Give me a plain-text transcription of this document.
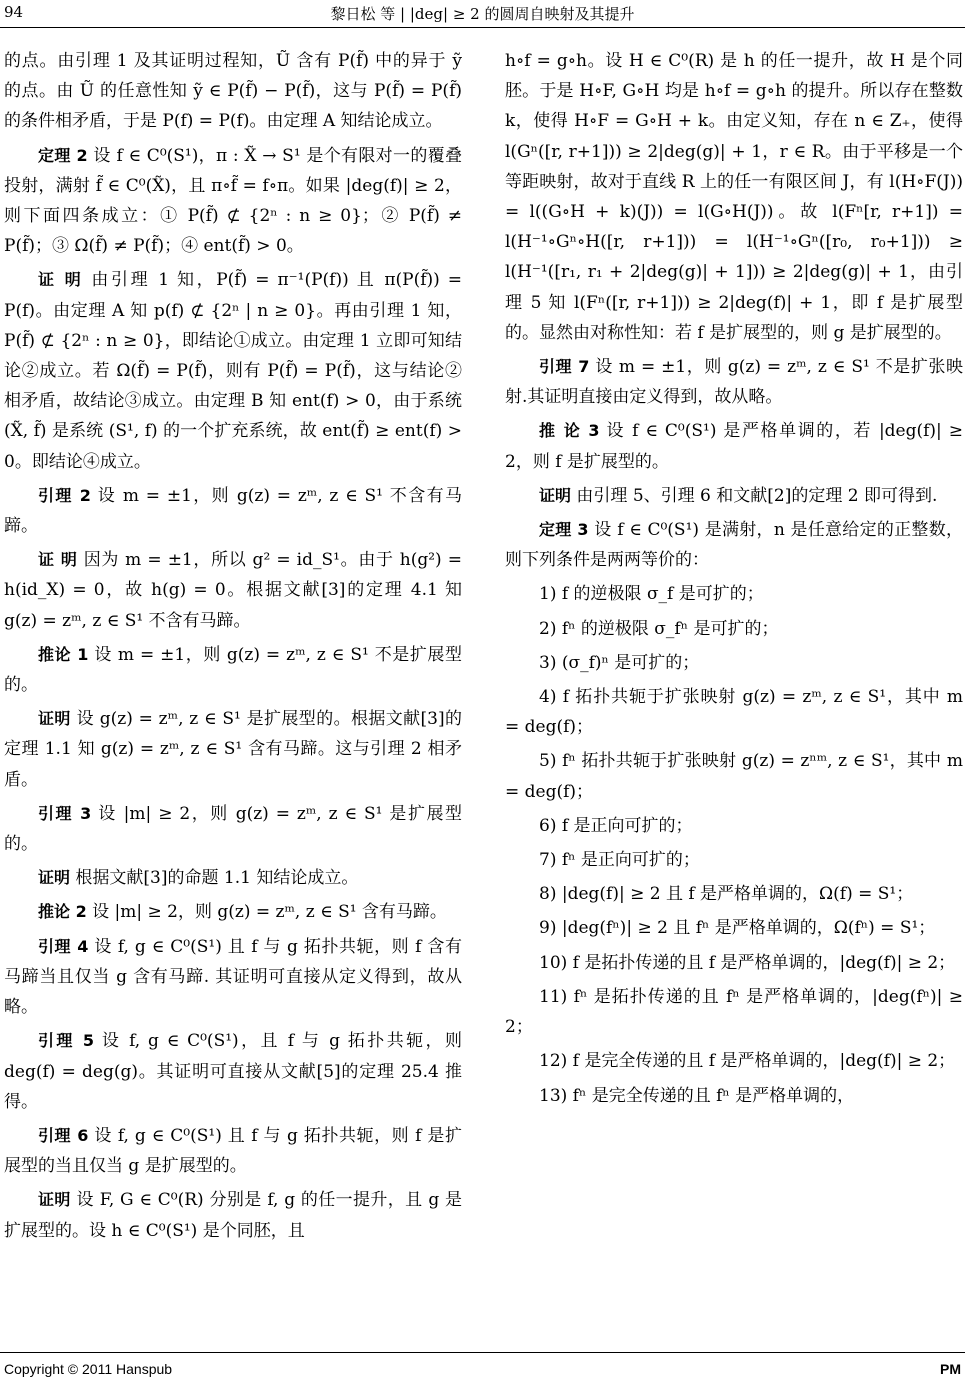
94	黎日松 等 | |deg| ≥ 2 的圆周自映射及其提升

的点。由引理 1 及其证明过程知，Ũ 含有 P(f̃) 中的异于 ỹ 的点。由 Ũ 的任意性知 ỹ ∈ P(f̃) − P(f̃)，这与 P(f̃) = P(f̃) 的条件相矛盾，于是 P(f) = P(f)。由定理 A 知结论成立。

定理 2 设 f ∈ C⁰(S¹)，π : X̃ → S¹ 是个有限对一的覆叠投射，满射 f̃ ∈ C⁰(X̃)，且 π∘f̃ = f∘π。如果 |deg(f)| ≥ 2，则下面四条成立：① P(f̃) ⊄ {2ⁿ : n ≥ 0}；② P(f̃) ≠ P(f̃)；③ Ω(f̃) ≠ P(f̃)；④ ent(f̃) > 0。

证 明 由引理 1 知，P(f̃) = π⁻¹(P(f)) 且 π(P(f̃)) = P(f)。由定理 A 知 p(f) ⊄ {2ⁿ | n ≥ 0}。再由引理 1 知，P(f̃) ⊄ {2ⁿ : n ≥ 0}，即结论①成立。由定理 1 立即可知结论②成立。若 Ω(f̃) = P(f̃)，则有 P(f̃) = P(f̃)，这与结论②相矛盾，故结论③成立。由定理 B 知 ent(f) > 0，由于系统 (X̃, f̃) 是系统 (S¹, f) 的一个扩充系统，故 ent(f̃) ≥ ent(f) > 0。即结论④成立。

引理 2 设 m = ±1，则 g(z) = zᵐ, z ∈ S¹ 不含有马蹄。

证 明 因为 m = ±1，所以 g² = id_S¹。由于 h(g²) = h(id_X) = 0，故 h(g) = 0。根据文献[3]的定理 4.1 知 g(z) = zᵐ, z ∈ S¹ 不含有马蹄。

推论 1 设 m = ±1，则 g(z) = zᵐ, z ∈ S¹ 不是扩展型的。

证明 设 g(z) = zᵐ, z ∈ S¹ 是扩展型的。根据文献[3]的定理 1.1 知 g(z) = zᵐ, z ∈ S¹ 含有马蹄。这与引理 2 相矛盾。

引理 3 设 |m| ≥ 2，则 g(z) = zᵐ, z ∈ S¹ 是扩展型的。

证明 根据文献[3]的命题 1.1 知结论成立。

推论 2 设 |m| ≥ 2，则 g(z) = zᵐ, z ∈ S¹ 含有马蹄。

引理 4 设 f, g ∈ C⁰(S¹) 且 f 与 g 拓扑共轭，则 f 含有马蹄当且仅当 g 含有马蹄. 其证明可直接从定义得到，故从略。

引理 5 设 f, g ∈ C⁰(S¹)，且 f 与 g 拓扑共轭，则 deg(f) = deg(g)。其证明可直接从文献[5]的定理 25.4 推得。

引理 6 设 f, g ∈ C⁰(S¹) 且 f 与 g 拓扑共轭，则 f 是扩展型的当且仅当 g 是扩展型的。

证明 设 F, G ∈ C⁰(R) 分别是 f, g 的任一提升，且 g 是扩展型的。设 h ∈ C⁰(S¹) 是个同胚，且

h∘f = g∘h。设 H ∈ C⁰(R) 是 h 的任一提升，故 H 是个同胚。于是 H∘F, G∘H 均是 h∘f = g∘h 的提升。所以存在整数 k，使得 H∘F = G∘H + k。由定义知，存在 n ∈ Z₊，使得 l(Gⁿ([r, r+1])) ≥ 2|deg(g)| + 1，r ∈ R。由于平移是一个等距映射，故对于直线 R 上的任一有限区间 J，有 l(H∘F(J)) = l((G∘H + k)(J)) = l(G∘H(J))。故 l(Fⁿ[r, r+1]) = l(H⁻¹∘Gⁿ∘H([r, r+1])) = l(H⁻¹∘Gⁿ([r₀, r₀+1])) ≥ l(H⁻¹([r₁, r₁ + 2|deg(g)| + 1])) ≥ 2|deg(g)| + 1，由引理 5 知 l(Fⁿ([r, r+1])) ≥ 2|deg(f)| + 1，即 f 是扩展型的。显然由对称性知：若 f 是扩展型的，则 g 是扩展型的。

引理 7 设 m = ±1，则 g(z) = zᵐ, z ∈ S¹ 不是扩张映射.其证明直接由定义得到，故从略。

推 论 3 设 f ∈ C⁰(S¹) 是严格单调的，若 |deg(f)| ≥ 2，则 f 是扩展型的。

证明 由引理 5、引理 6 和文献[2]的定理 2 即可得到.

定理 3 设 f ∈ C⁰(S¹) 是满射，n 是任意给定的正整数，则下列条件是两两等价的：

1) f 的逆极限 σ_f 是可扩的；

2) fⁿ 的逆极限 σ_fⁿ 是可扩的；

3) (σ_f)ⁿ 是可扩的；

4) f 拓扑共轭于扩张映射 g(z) = zᵐ, z ∈ S¹，其中 m = deg(f)；

5) fⁿ 拓扑共轭于扩张映射 g(z) = zⁿᵐ, z ∈ S¹，其中 m = deg(f)；

6) f 是正向可扩的；

7) fⁿ 是正向可扩的；

8) |deg(f)| ≥ 2 且 f 是严格单调的，Ω(f) = S¹；

9) |deg(fⁿ)| ≥ 2 且 fⁿ 是严格单调的，Ω(fⁿ) = S¹；

10) f 是拓扑传递的且 f 是严格单调的，|deg(f)| ≥ 2；

11) fⁿ 是拓扑传递的且 fⁿ 是严格单调的，|deg(fⁿ)| ≥ 2；

12) f 是完全传递的且 f 是严格单调的，|deg(f)| ≥ 2；

13) fⁿ 是完全传递的且 fⁿ 是严格单调的，

Copyright © 2011 Hanspub	PM
